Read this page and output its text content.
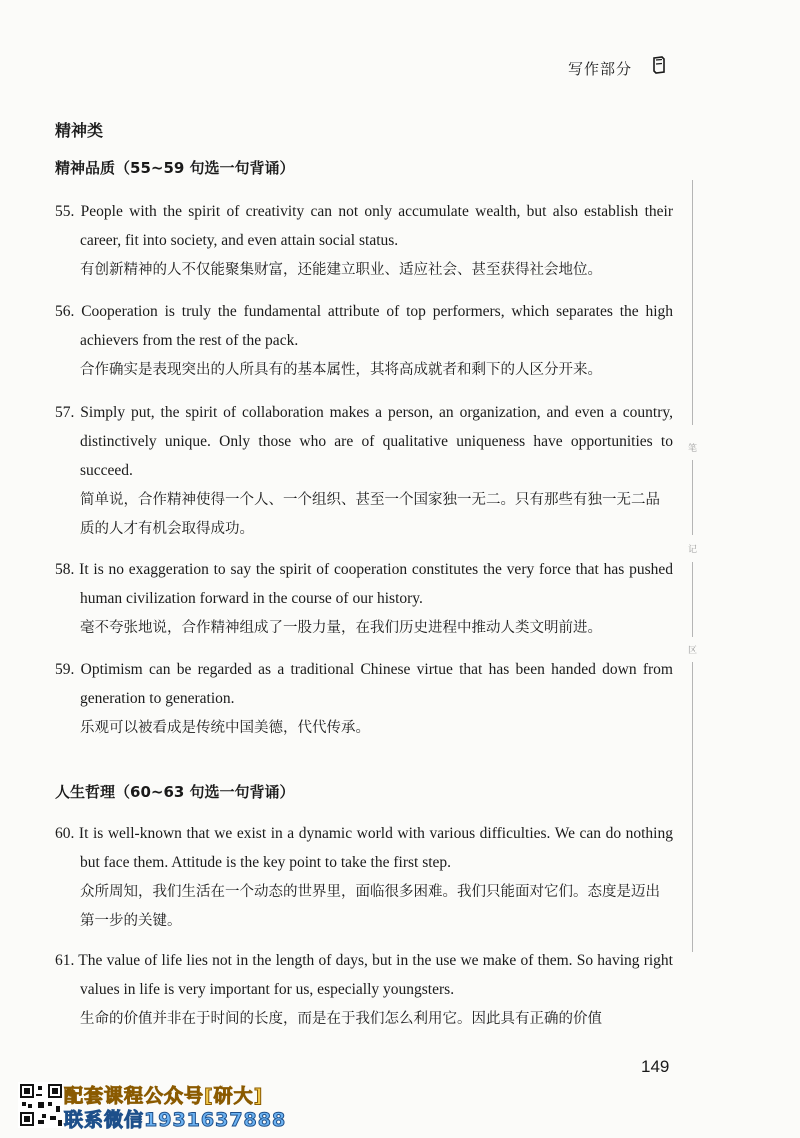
写作部分
精神类
精神品质（55~59 句选一句背诵）
55. People with the spirit of creativity can not only accumulate wealth, but also establish their career, fit into society, and even attain social status.
有创新精神的人不仅能聚集财富，还能建立职业、适应社会、甚至获得社会地位。
56. Cooperation is truly the fundamental attribute of top performers, which separates the high achievers from the rest of the pack.
合作确实是表现突出的人所具有的基本属性，其将高成就者和剩下的人区分开来。
57. Simply put, the spirit of collaboration makes a person, an organization, and even a country, distinctively unique. Only those who are of qualitative uniqueness have opportunities to succeed.
简单说，合作精神使得一个人、一个组织、甚至一个国家独一无二。只有那些有独一无二品质的人才有机会取得成功。
58. It is no exaggeration to say the spirit of cooperation constitutes the very force that has pushed human civilization forward in the course of our history.
毫不夸张地说，合作精神组成了一股力量，在我们历史进程中推动人类文明前进。
59. Optimism can be regarded as a traditional Chinese virtue that has been handed down from generation to generation.
乐观可以被看成是传统中国美德，代代传承。
人生哲理（60~63 句选一句背诵）
60. It is well-known that we exist in a dynamic world with various difficulties. We can do nothing but face them. Attitude is the key point to take the first step.
众所周知，我们生活在一个动态的世界里，面临很多困难。我们只能面对它们。态度是迈出第一步的关键。
61. The value of life lies not in the length of days, but in the use we make of them. So having right values in life is very important for us, especially youngsters.
生命的价值并非在于时间的长度，而是在于我们怎么利用它。因此具有正确的价值
笔
记
区
149
配套课程公众号[研大]
联系微信1931637888
